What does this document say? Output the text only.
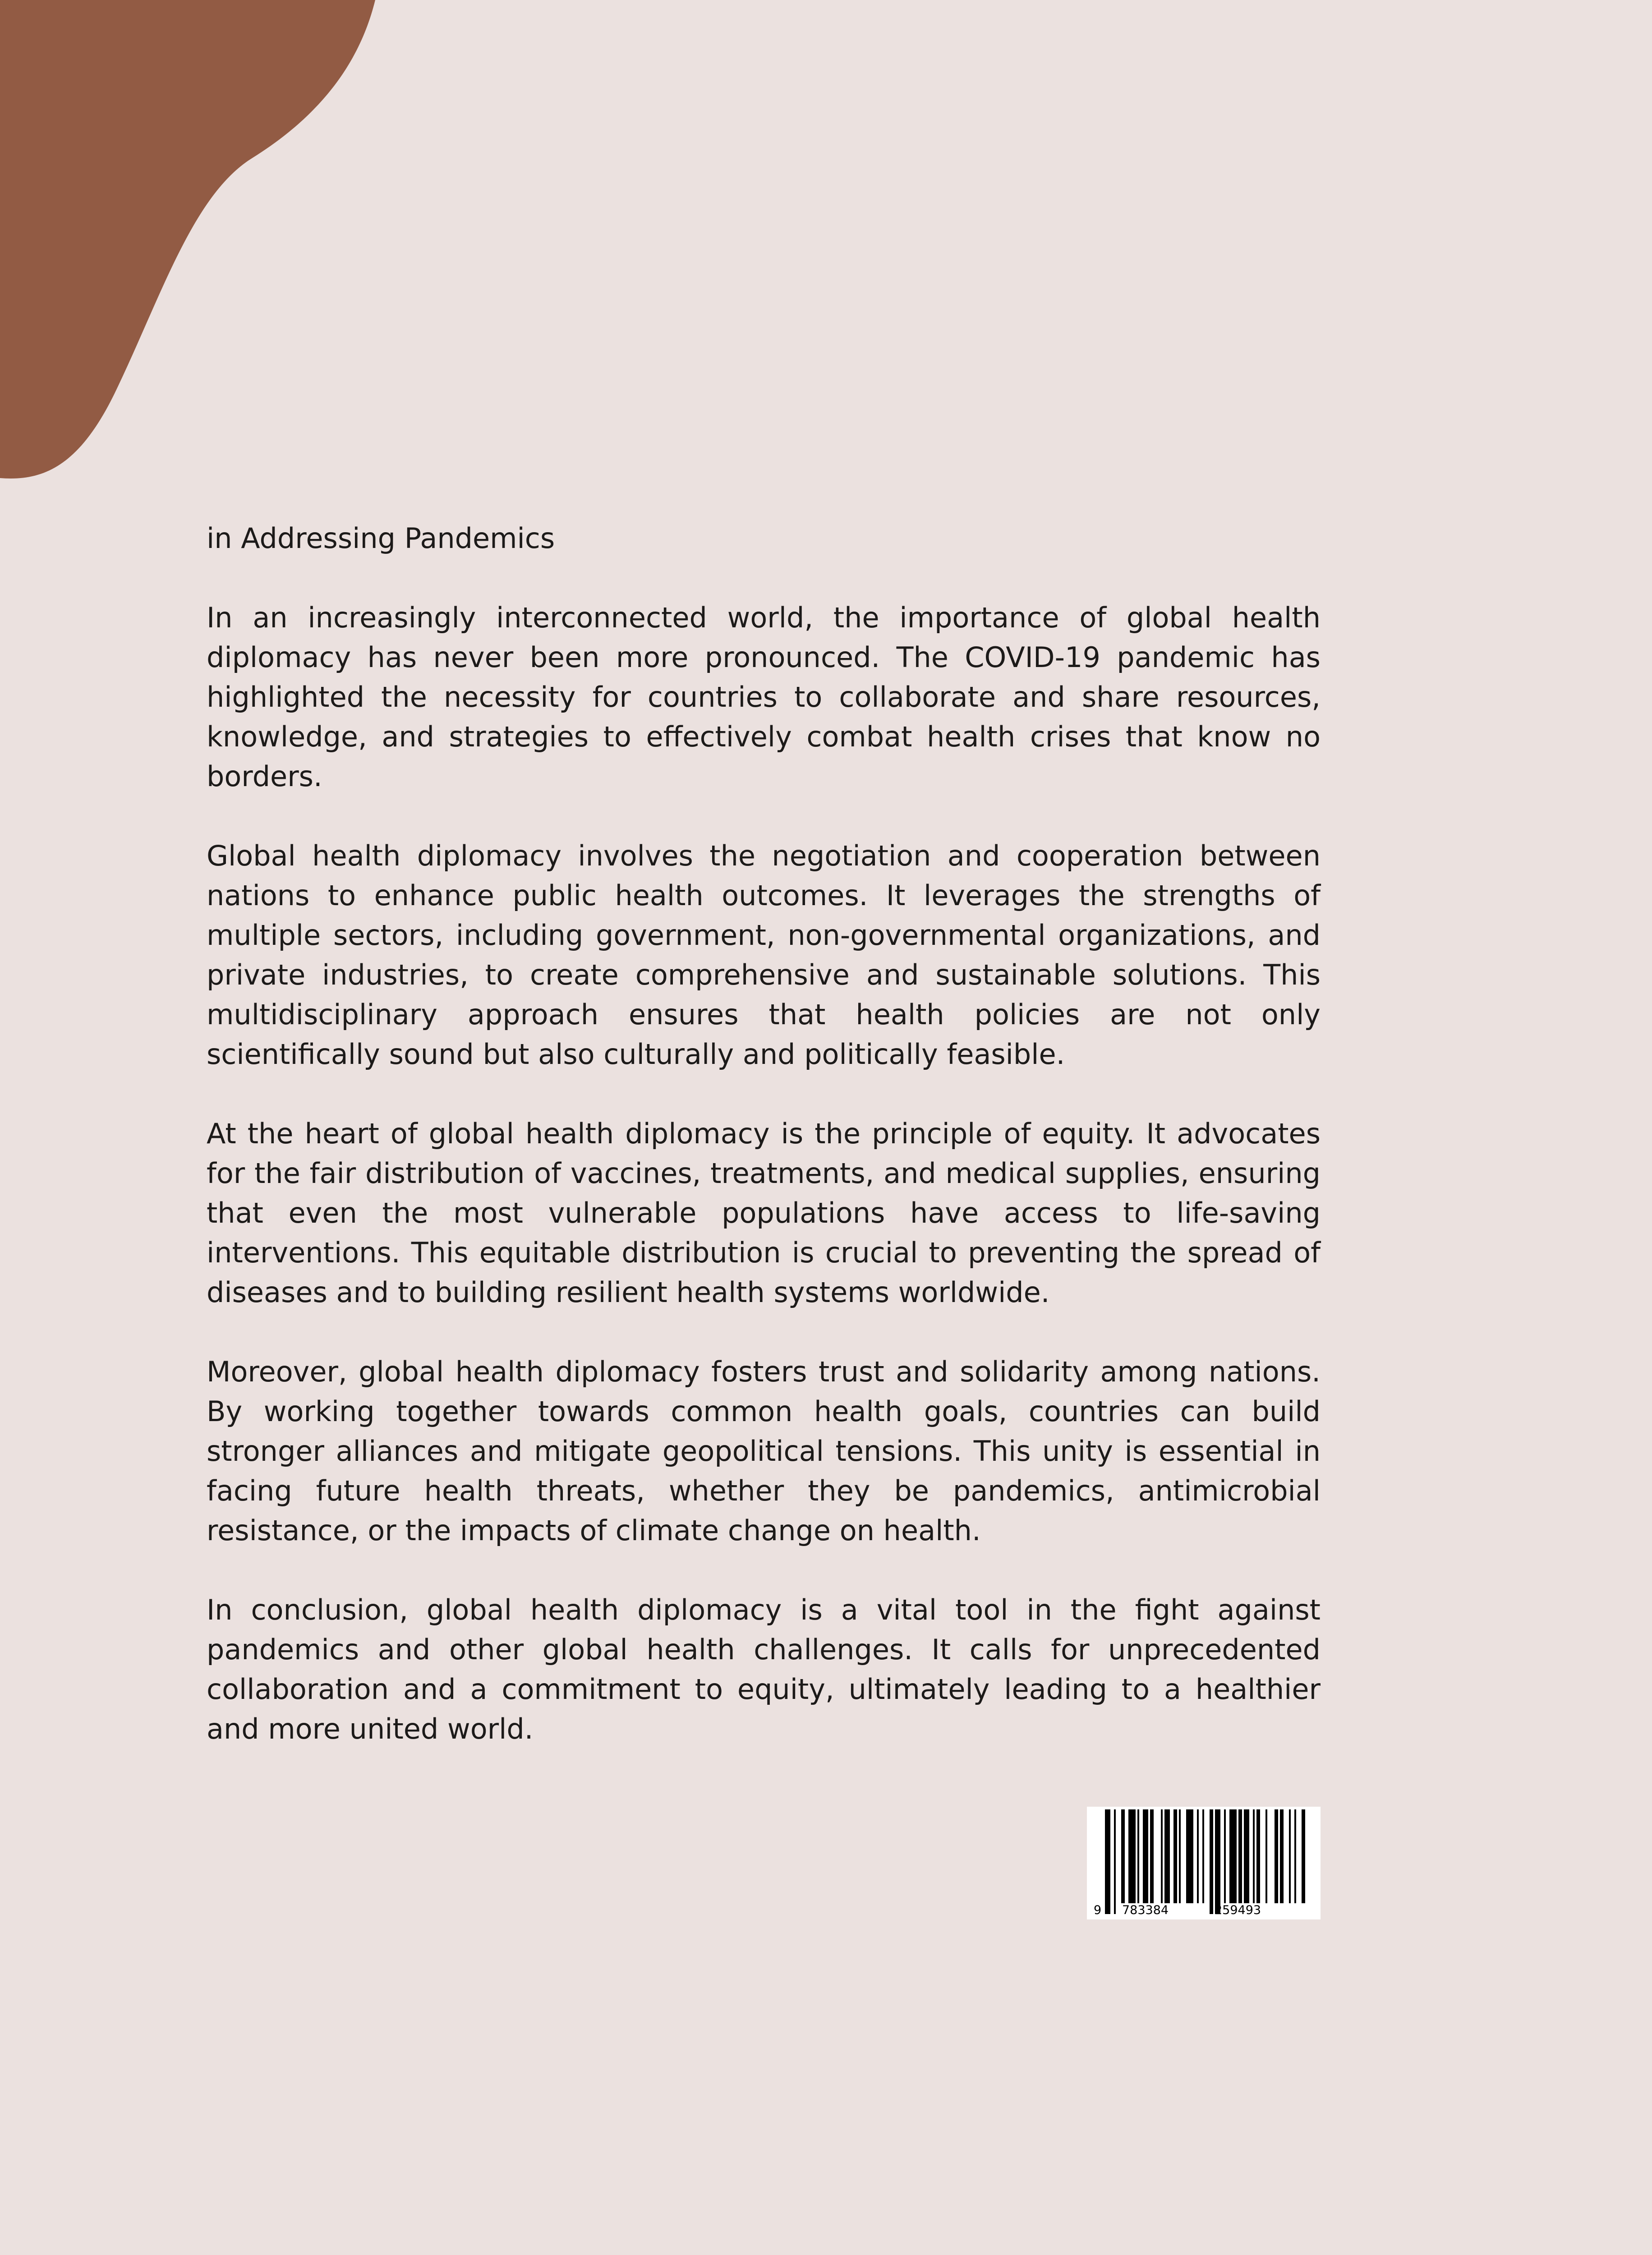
in Addressing Pandemics

In an increasingly interconnected world, the importance of global health diplomacy has never been more pronounced. The COVID-19 pandemic has highlighted the necessity for countries to collaborate and share resources, knowledge, and strategies to effectively combat health crises that know no borders.

Global health diplomacy involves the negotiation and cooperation between nations to enhance public health outcomes. It leverages the strengths of multiple sectors, including government, non-governmental organizations, and private industries, to create comprehensive and sustainable solutions. This multidisciplinary approach ensures that health policies are not only scientifically sound but also culturally and politically feasible.

At the heart of global health diplomacy is the principle of equity. It advocates for the fair distribution of vaccines, treatments, and medical supplies, ensuring that even the most vulnerable populations have access to life-saving interventions. This equitable distribution is crucial to preventing the spread of diseases and to building resilient health systems worldwide.

Moreover, global health diplomacy fosters trust and solidarity among nations. By working together towards common health goals, countries can build stronger alliances and mitigate geopolitical tensions. This unity is essential in facing future health threats, whether they be pandemics, antimicrobial resistance, or the impacts of climate change on health.

In conclusion, global health diplomacy is a vital tool in the fight against pandemics and other global health challenges. It calls for unprecedented collaboration and a commitment to equity, ultimately leading to a healthier and more united world.

9 783384	259493
